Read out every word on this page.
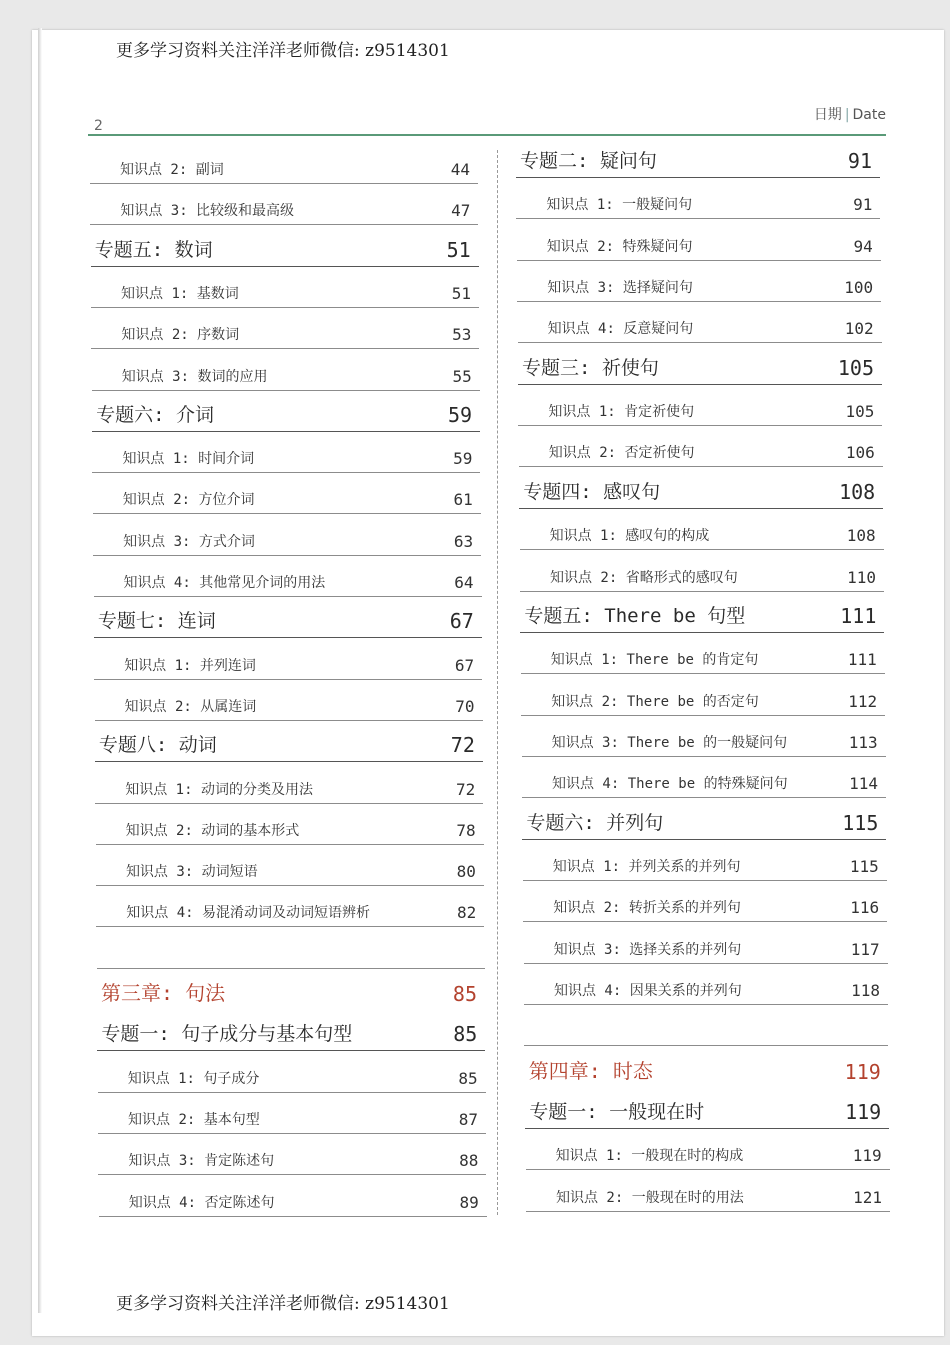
更多学习资料关注洋洋老师微信: z9514301
日期 | Date
2
知识点 2: 副词	44
知识点 3: 比较级和最高级	47
专题五: 数词	51
知识点 1: 基数词	51
知识点 2: 序数词	53
知识点 3: 数词的应用	55
专题六: 介词	59
知识点 1: 时间介词	59
知识点 2: 方位介词	61
知识点 3: 方式介词	63
知识点 4: 其他常见介词的用法	64
专题七: 连词	67
知识点 1: 并列连词	67
知识点 2: 从属连词	70
专题八: 动词	72
知识点 1: 动词的分类及用法	72
知识点 2: 动词的基本形式	78
知识点 3: 动词短语	80
知识点 4: 易混淆动词及动词短语辨析	82
第三章: 句法	85
专题一: 句子成分与基本句型	85
知识点 1: 句子成分	85
知识点 2: 基本句型	87
知识点 3: 肯定陈述句	88
知识点 4: 否定陈述句	89
专题二: 疑问句	91
知识点 1: 一般疑问句	91
知识点 2: 特殊疑问句	94
知识点 3: 选择疑问句	100
知识点 4: 反意疑问句	102
专题三: 祈使句	105
知识点 1: 肯定祈使句	105
知识点 2: 否定祈使句	106
专题四: 感叹句	108
知识点 1: 感叹句的构成	108
知识点 2: 省略形式的感叹句	110
专题五: There be 句型	111
知识点 1: There be 的肯定句	111
知识点 2: There be 的否定句	112
知识点 3: There be 的一般疑问句	113
知识点 4: There be 的特殊疑问句	114
专题六: 并列句	115
知识点 1: 并列关系的并列句	115
知识点 2: 转折关系的并列句	116
知识点 3: 选择关系的并列句	117
知识点 4: 因果关系的并列句	118
第四章: 时态	119
专题一: 一般现在时	119
知识点 1: 一般现在时的构成	119
知识点 2: 一般现在时的用法	121
更多学习资料关注洋洋老师微信: z9514301
